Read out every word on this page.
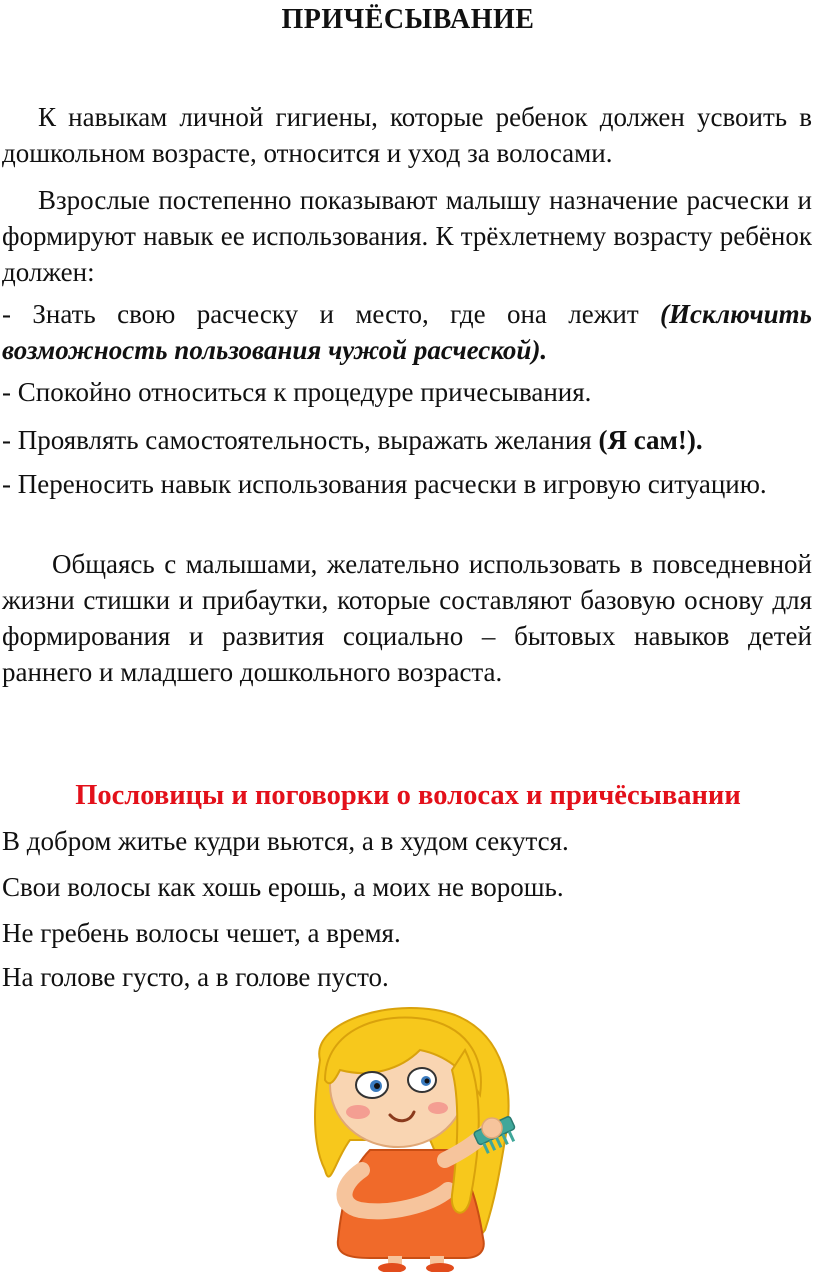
ПРИЧЁСЫВАНИЕ

К навыкам личной гигиены, которые ребенок должен усвоить в дошкольном возрасте, относится и уход за волосами.

Взрослые постепенно показывают малышу назначение расчески и формируют навык ее использования. К трёхлетнему возрасту ребёнок должен:

- Знать свою расческу и место, где она лежит (Исключить возможность пользования чужой расческой).

- Спокойно относиться к процедуре причесывания.

- Проявлять самостоятельность, выражать желания (Я сам!).

- Переносить навык использования расчески в игровую ситуацию.

Общаясь с малышами, желательно использовать в повседневной жизни стишки и прибаутки, которые составляют базовую основу для формирования и развития социально – бытовых навыков детей раннего и младшего дошкольного возраста.

Пословицы и поговорки о волосах и причёсывании
В добром житье кудри вьются, а в худом секутся.
Свои волосы как хошь ерошь, а моих не ворошь.
Не гребень волосы чешет, а время.
На голове густо, а в голове пусто.
